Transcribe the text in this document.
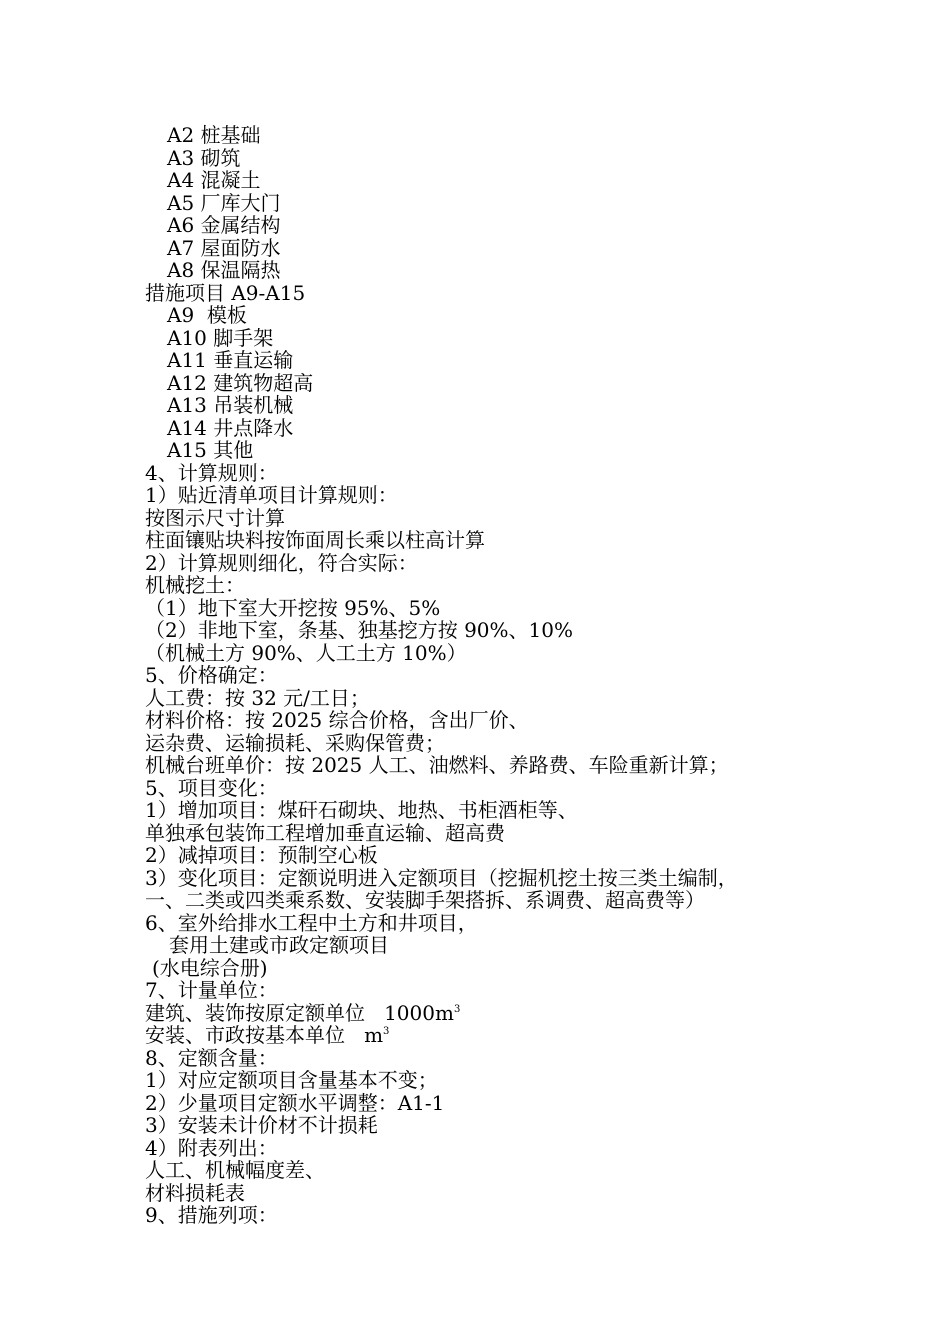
A2 桩基础
A3 砌筑
A4 混凝土
A5 厂库大门
A6 金属结构
A7 屋面防水
A8 保温隔热
措施项目 A9-A15
A9  模板
A10 脚手架
A11 垂直运输
A12 建筑物超高
A13 吊装机械
A14 井点降水
A15 其他
4、计算规则：
1）贴近清单项目计算规则：
按图示尺寸计算
柱面镶贴块料按饰面周长乘以柱高计算
2）计算规则细化，符合实际：
机械挖土：
（1）地下室大开挖按 95%、5%
（2）非地下室，条基、独基挖方按 90%、10%
（机械土方 90%、人工土方 10%）
5、价格确定：
人工费：按 32 元/工日；
材料价格：按 2025 综合价格，含出厂价、
运杂费、运输损耗、采购保管费；
机械台班单价：按 2025 人工、油燃料、养路费、车险重新计算；
5、项目变化：
1）增加项目：煤矸石砌块、地热、书柜酒柜等、
单独承包装饰工程增加垂直运输、超高费
2）减掉项目：预制空心板
3）变化项目：定额说明进入定额项目（挖掘机挖土按三类土编制，
一、二类或四类乘系数、安装脚手架搭拆、系调费、超高费等）
6、室外给排水工程中土方和井项目，
套用土建或市政定额项目
(水电综合册)
7、计量单位：
建筑、装饰按原定额单位   $1000m^3$
安装、市政按基本单位   $m^3$
8、定额含量：
1）对应定额项目含量基本不变；
2）少量项目定额水平调整：A1-1
3）安装未计价材不计损耗
4）附表列出：
人工、机械幅度差、
材料损耗表
9、措施列项：
